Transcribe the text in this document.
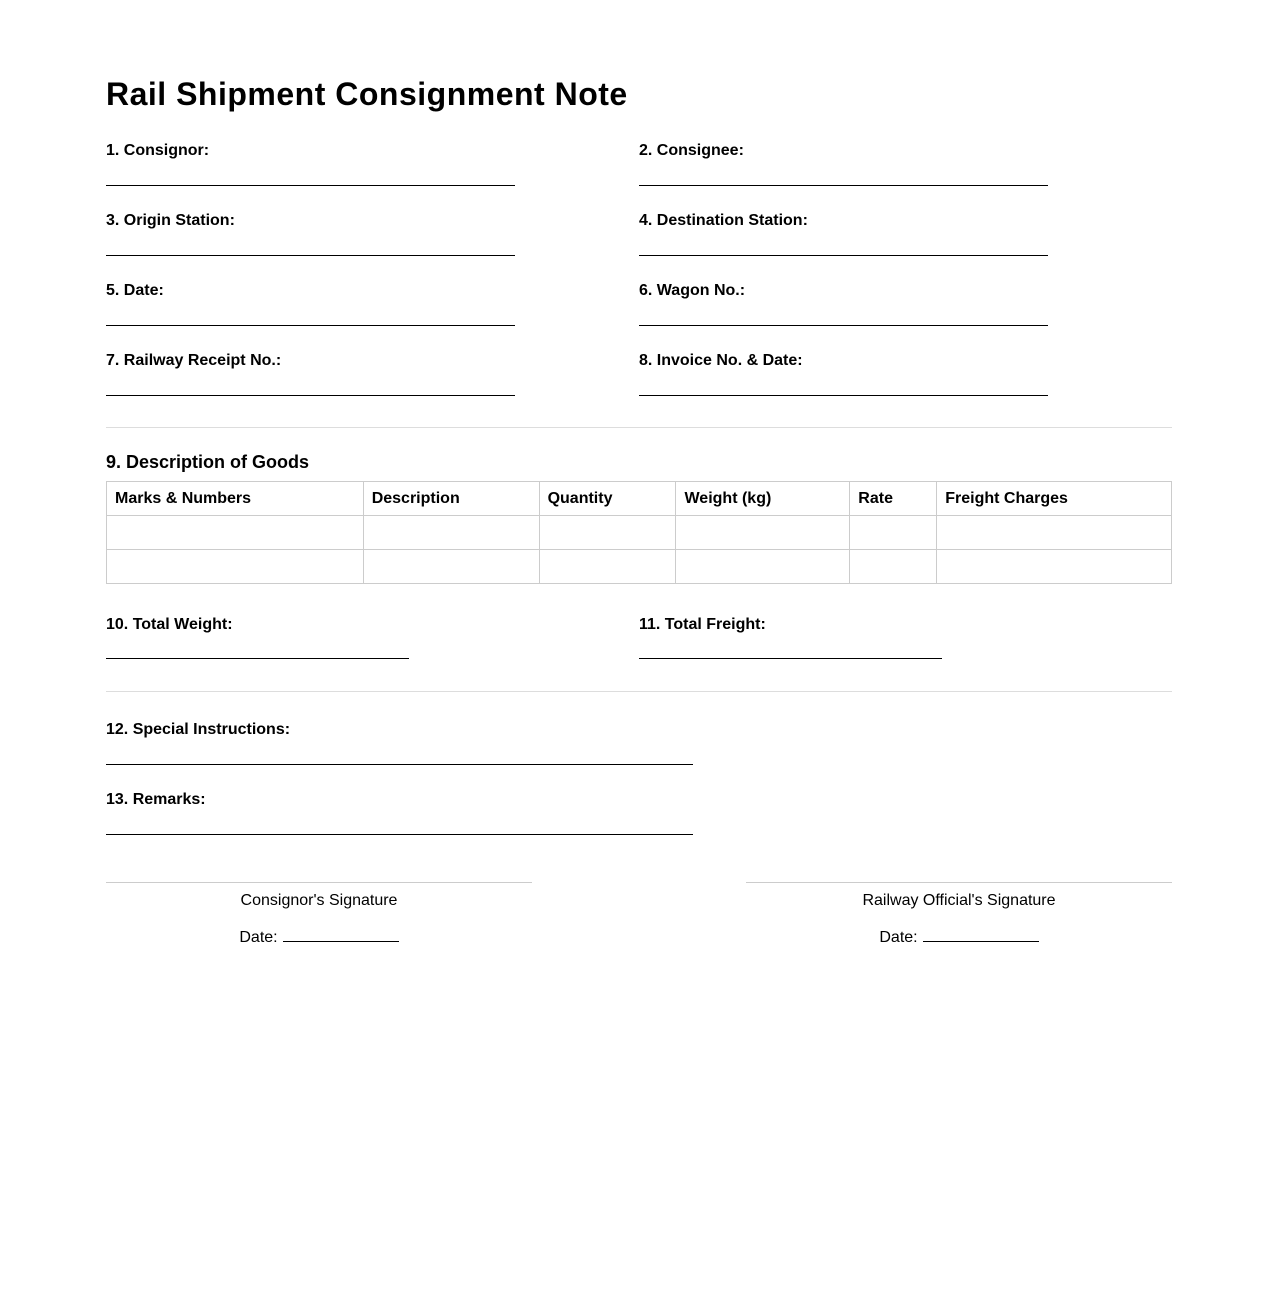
Rail Shipment Consignment Note
1. Consignor:	2. Consignee:
3. Origin Station:	4. Destination Station:
5. Date:	6. Wagon No.:
7. Railway Receipt No.:	8. Invoice No. & Date:
9. Description of Goods
Marks & Numbers	Description	Quantity	Weight (kg)	Rate	Freight Charges

10. Total Weight:	11. Total Freight:
12. Special Instructions:
13. Remarks:
Consignor's Signature
Date:
Railway Official's Signature
Date:
